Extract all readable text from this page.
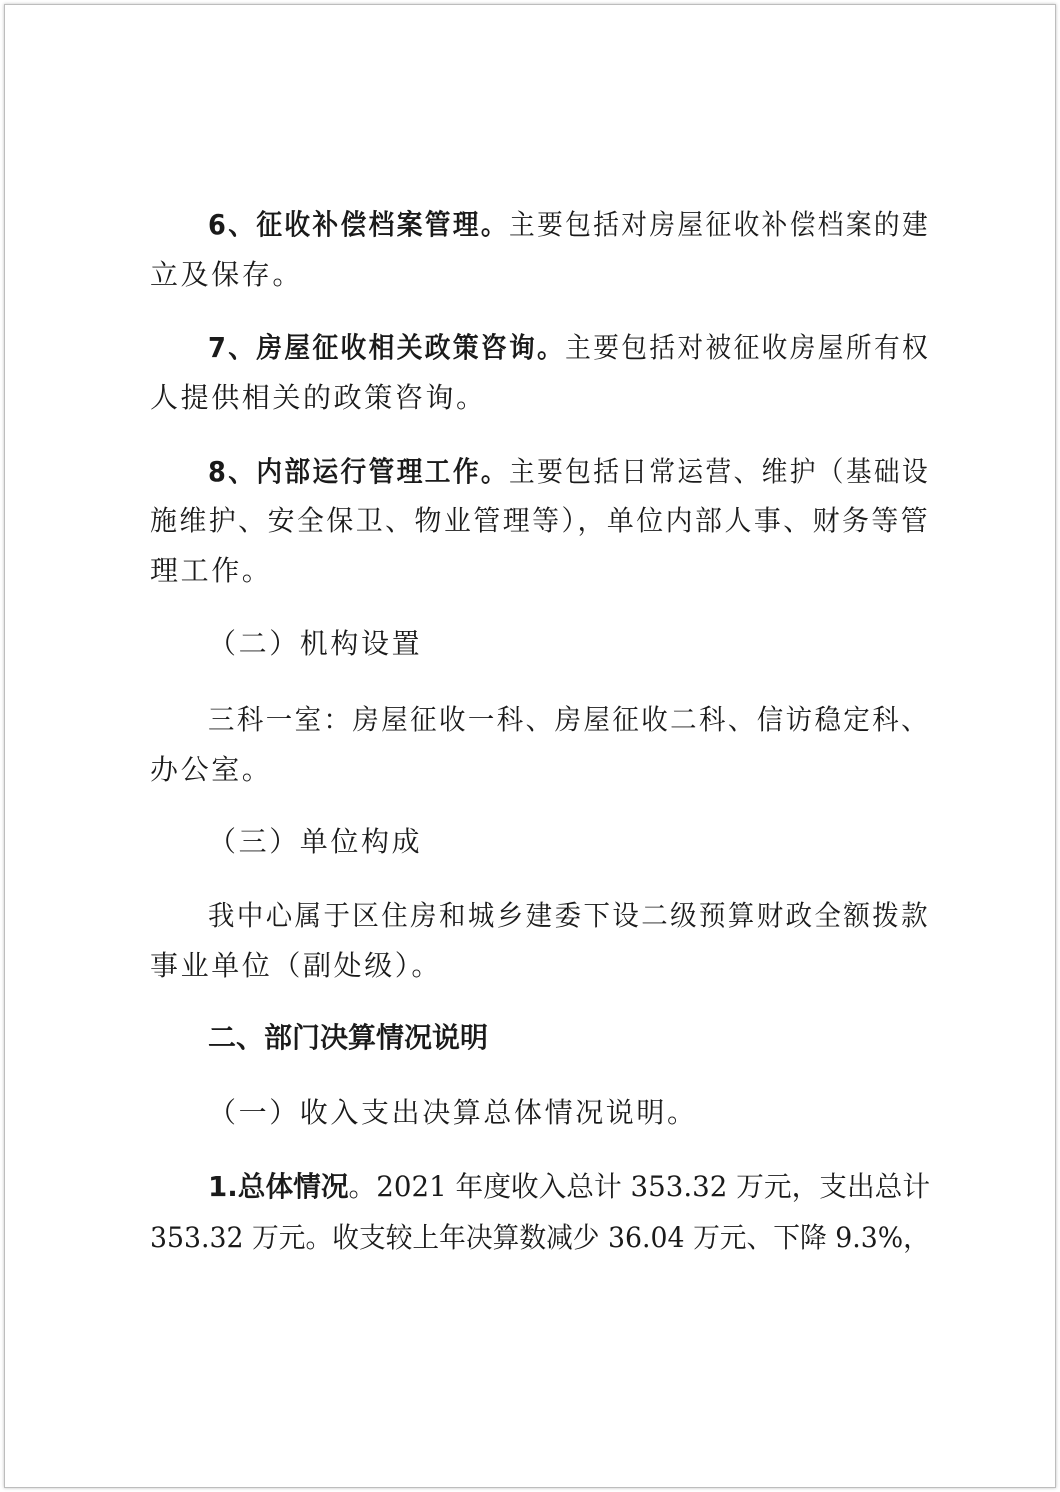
6、征收补偿档案管理。主要包括对房屋征收补偿档案的建
立及保存。
7、房屋征收相关政策咨询。主要包括对被征收房屋所有权
人提供相关的政策咨询。
8、内部运行管理工作。主要包括日常运营、维护（基础设
施维护、安全保卫、物业管理等），单位内部人事、财务等管
理工作。
（二）机构设置
三科一室：房屋征收一科、房屋征收二科、信访稳定科、
办公室。
（三）单位构成
我中心属于区住房和城乡建委下设二级预算财政全额拨款
事业单位（副处级）。
二、部门决算情况说明
（一）收入支出决算总体情况说明。
1.总体情况。2021 年度收入总计 353.32 万元，支出总计
353.32 万元。收支较上年决算数减少 36.04 万元、下降 9.3%，
